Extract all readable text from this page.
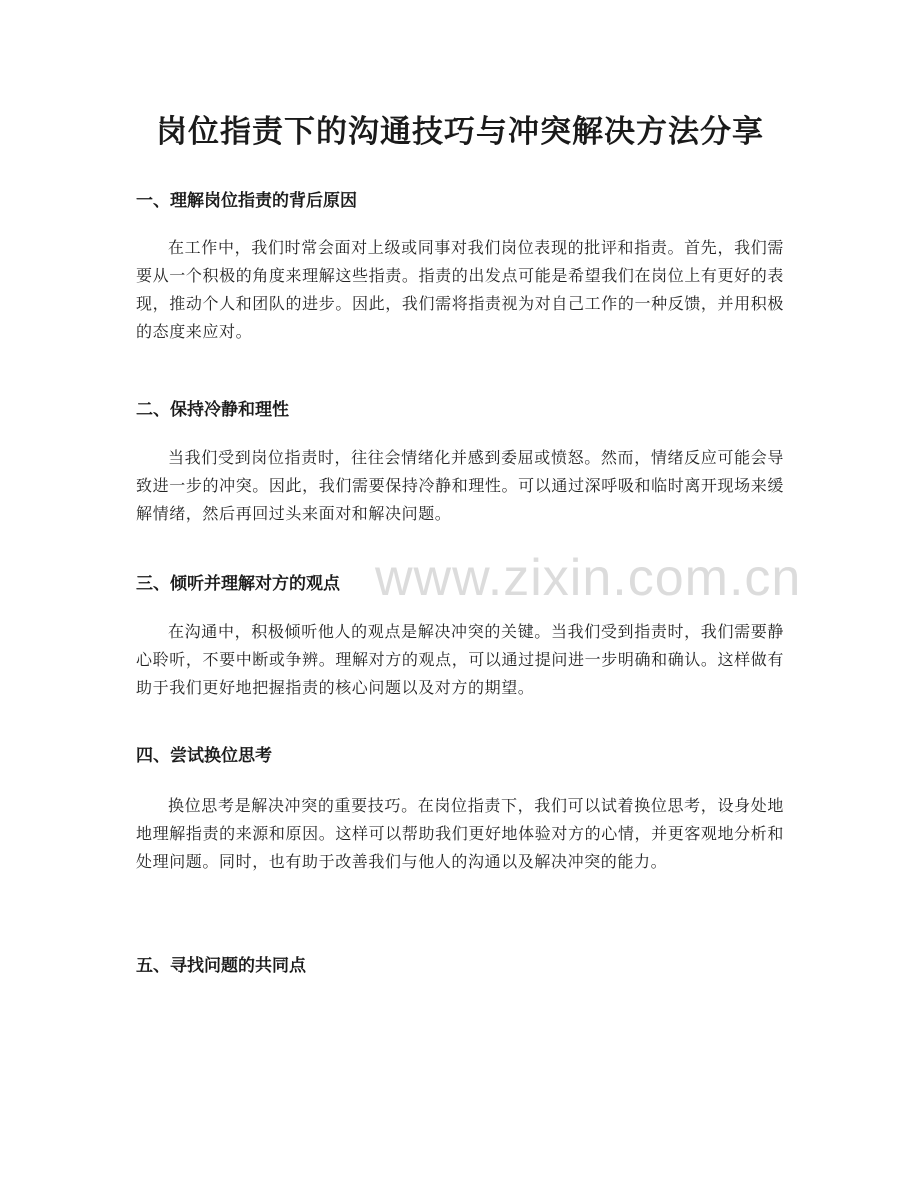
岗位指责下的沟通技巧与冲突解决方法分享
一、理解岗位指责的背后原因

在工作中，我们时常会面对上级或同事对我们岗位表现的批评和指责。首先，我们需要从一个积极的角度来理解这些指责。指责的出发点可能是希望我们在岗位上有更好的表现，推动个人和团队的进步。因此，我们需将指责视为对自己工作的一种反馈，并用积极的态度来应对。

二、保持冷静和理性

当我们受到岗位指责时，往往会情绪化并感到委屈或愤怒。然而，情绪反应可能会导致进一步的冲突。因此，我们需要保持冷静和理性。可以通过深呼吸和临时离开现场来缓解情绪，然后再回过头来面对和解决问题。

三、倾听并理解对方的观点

在沟通中，积极倾听他人的观点是解决冲突的关键。当我们受到指责时，我们需要静心聆听，不要中断或争辨。理解对方的观点，可以通过提问进一步明确和确认。这样做有助于我们更好地把握指责的核心问题以及对方的期望。

四、尝试换位思考

换位思考是解决冲突的重要技巧。在岗位指责下，我们可以试着换位思考，设身处地地理解指责的来源和原因。这样可以帮助我们更好地体验对方的心情，并更客观地分析和处理问题。同时，也有助于改善我们与他人的沟通以及解决冲突的能力。

五、寻找问题的共同点
www.zixin.com.cn
